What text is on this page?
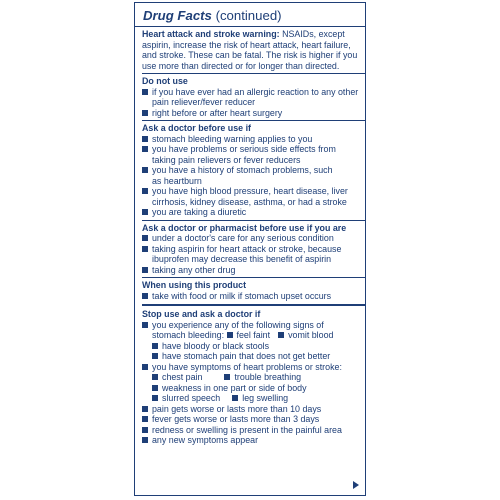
Drug Facts (continued)
Heart attack and stroke warning: NSAIDs, except
aspirin, increase the risk of heart attack, heart failure,
and stroke. These can be fatal. The risk is higher if you
use more than directed or for longer than directed.
Do not use
if you have ever had an allergic reaction to any other
pain reliever/fever reducer
right before or after heart surgery
Ask a doctor before use if
stomach bleeding warning applies to you
you have problems or serious side effects from
taking pain relievers or fever reducers
you have a history of stomach problems, such
as heartburn
you have high blood pressure, heart disease, liver
cirrhosis, kidney disease, asthma, or had a stroke
you are taking a diuretic
Ask a doctor or pharmacist before use if you are
under a doctor's care for any serious condition
taking aspirin for heart attack or stroke, because
ibuprofen may decrease this benefit of aspirin
taking any other drug
When using this product
take with food or milk if stomach upset occurs
Stop use and ask a doctor if
you experience any of the following signs of
stomach bleeding: feel faint vomit blood
have bloody or black stools
have stomach pain that does not get better
you have symptoms of heart problems or stroke:
chest pain	trouble breathing
weakness in one part or side of body
slurred speech leg swelling
pain gets worse or lasts more than 10 days
fever gets worse or lasts more than 3 days
redness or swelling is present in the painful area
any new symptoms appear
